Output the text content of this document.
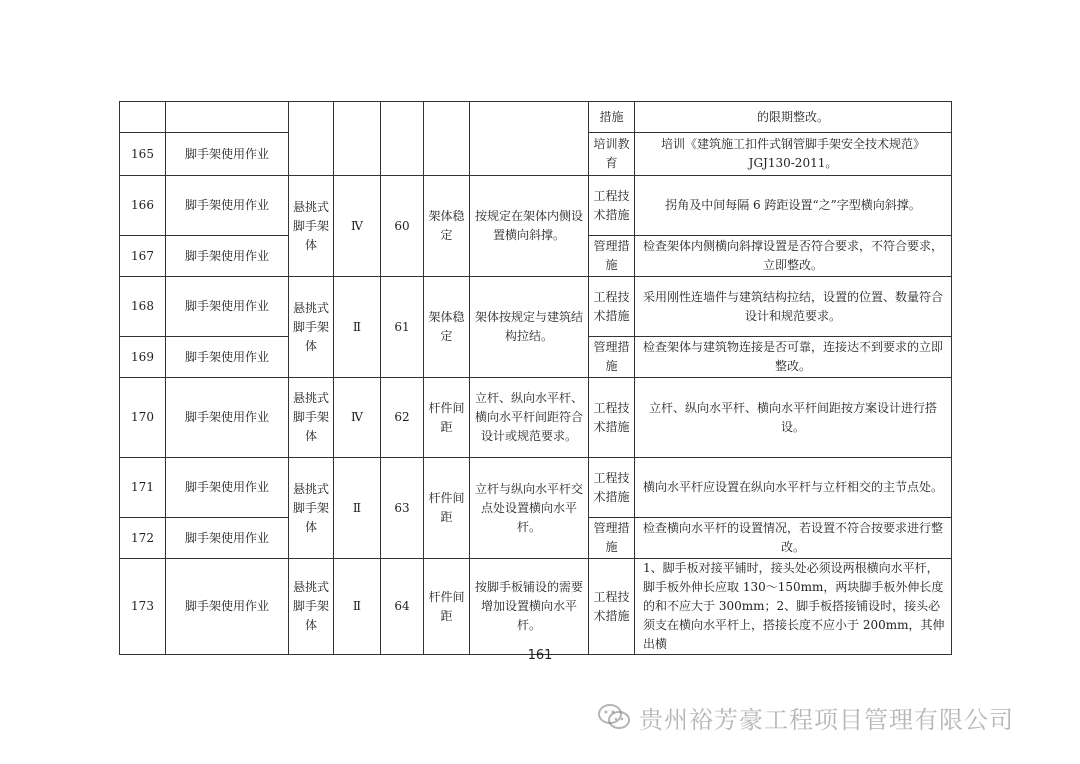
							措施	的限期整改。
165	脚手架使用作业						培训教育	培训《建筑施工扣件式钢管脚手架安全技术规范》JGJ130-2011。
166	脚手架使用作业	悬挑式脚手架体	Ⅳ	60	架体稳定	按规定在架体内侧设置横向斜撑。	工程技术措施	拐角及中间每隔 6 跨距设置“之”字型横向斜撑。
167	脚手架使用作业						管理措施	检查架体内侧横向斜撑设置是否符合要求，不符合要求，立即整改。
168	脚手架使用作业	悬挑式脚手架体	Ⅱ	61	架体稳定	架体按规定与建筑结构拉结。	工程技术措施	采用刚性连墙件与建筑结构拉结，设置的位置、数量符合设计和规范要求。
169	脚手架使用作业						管理措施	检查架体与建筑物连接是否可靠，连接达不到要求的立即整改。
170	脚手架使用作业	悬挑式脚手架体	Ⅳ	62	杆件间距	立杆、纵向水平杆、横向水平杆间距符合设计或规范要求。	工程技术措施	立杆、纵向水平杆、横向水平杆间距按方案设计进行搭设。
171	脚手架使用作业	悬挑式脚手架体	Ⅱ	63	杆件间距	立杆与纵向水平杆交点处设置横向水平杆。	工程技术措施	横向水平杆应设置在纵向水平杆与立杆相交的主节点处。
172	脚手架使用作业						管理措施	检查横向水平杆的设置情况，若设置不符合按要求进行整改。
173	脚手架使用作业	悬挑式脚手架体	Ⅱ	64	杆件间距	按脚手板铺设的需要增加设置横向水平杆。	工程技术措施	1、脚手板对接平铺时，接头处必须设两根横向水平杆，脚手板外伸长应取 130～150mm，两块脚手板外伸长度的和不应大于 300mm；2、脚手板搭接铺设时，接头必须支在横向水平杆上，搭接长度不应小于 200mm，其伸出横
161
贵州裕芳豪工程项目管理有限公司
